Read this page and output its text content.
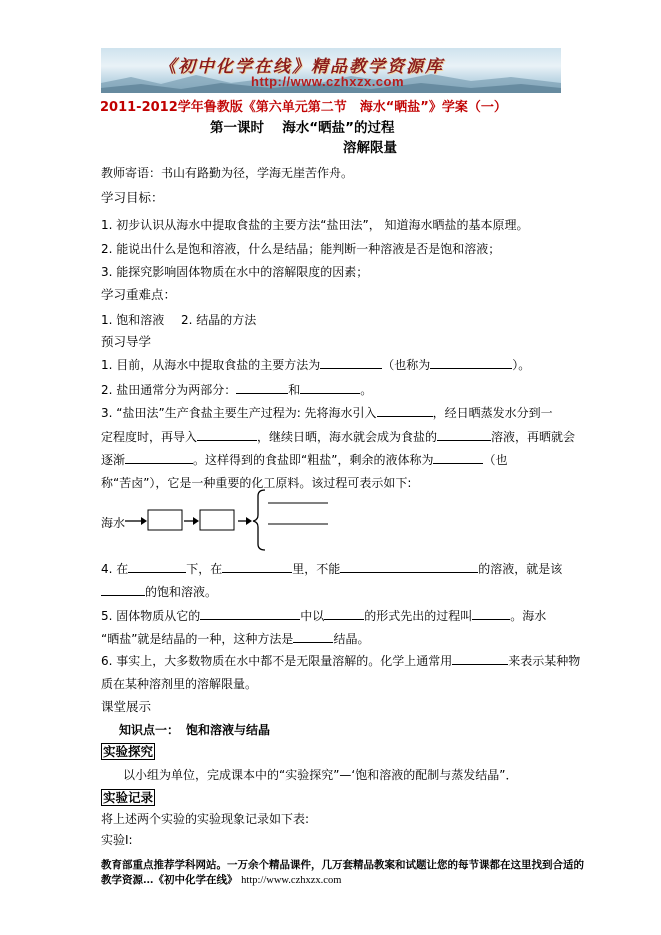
《初中化学在线》精品教学资源库
http://www.czhxzx.com
2011-2012学年鲁教版《第六单元第二节　海水“晒盐”》学案（一）
第一课时　 海水“晒盐”的过程
溶解限量
教师寄语：书山有路勤为径，学海无崖苦作舟。
学习目标：
1. 初步认识从海水中提取食盐的主要方法“盐田法”， 知道海水晒盐的基本原理。
2. 能说出什么是饱和溶液，什么是结晶；能判断一种溶液是否是饱和溶液；
3. 能探究影响固体物质在水中的溶解限度的因素；
学习重难点：
1. 饱和溶液 2. 结晶的方法
预习导学
1. 目前，从海水中提取食盐的主要方法为	（也称为	）。
2. 盐田通常分为两部分：	和	。
3. “盐田法”生产食盐主要生产过程为: 先将海水引入	，经日晒蒸发水分到一
定程度时，再导入	，继续日晒，海水就会成为食盐的	溶液，再晒就会
逐渐	。这样得到的食盐即“粗盐”，剩余的液体称为	（也
称“苦卤”），它是一种重要的化工原料。该过程可表示如下:
海水
4. 在	下，在	里，不能	的溶液，就是该
的饱和溶液。
5. 固体物质从它的	中以	的形式先出的过程叫	。海水
“晒盐”就是结晶的一种，这种方法是	结晶。
6. 事实上，大多数物质在水中都不是无限量溶解的。化学上通常用	来表示某种物
质在某种溶剂里的溶解限量。
课堂展示
知识点一： 饱和溶液与结晶
实验探究
以小组为单位，完成课本中的“实验探究”—‘饱和溶液的配制与蒸发结晶”．
实验记录
将上述两个实验的实验现象记录如下表:
实验Ⅰ:
教育部重点推荐学科网站。一万余个精品课件，几万套精品教案和试题让您的每节课都在这里找到合适的
教学资源…《初中化学在线》 http://www.czhxzx.com
